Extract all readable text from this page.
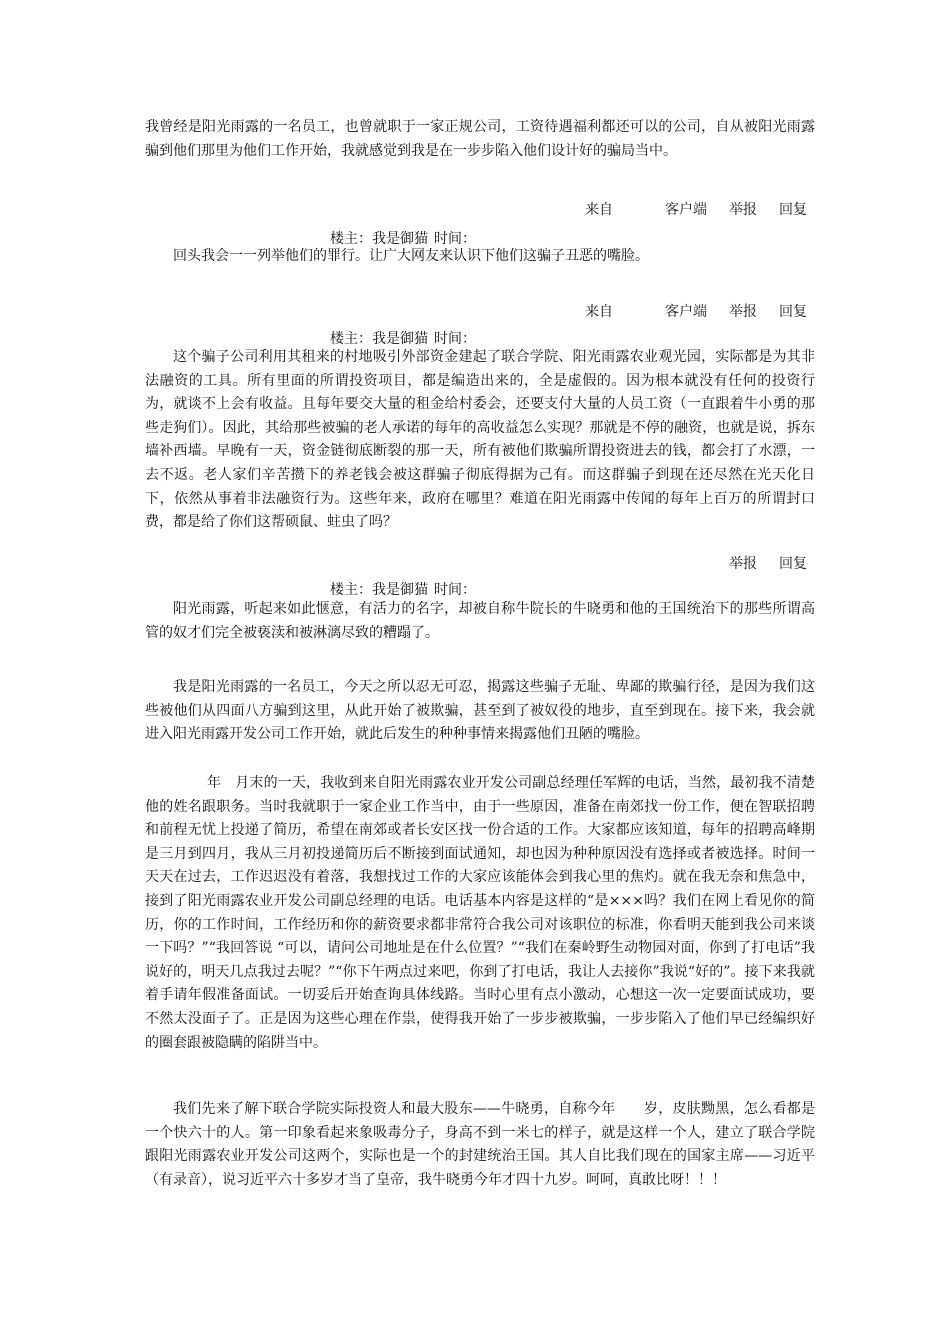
我曾经是阳光雨露的一名员工，也曾就职于一家正规公司，工资待遇福利都还可以的公司，自从被阳光雨露骗到他们那里为他们工作开始，我就感觉到我是在一步步陷入他们设计好的骗局当中。

来自	客户端 举报 回复
楼主：我是御猫 时间：

回头我会一一列举他们的罪行。让广大网友来认识下他们这骗子丑恶的嘴脸。

来自	客户端 举报 回复
楼主：我是御猫 时间：

这个骗子公司利用其租来的村地吸引外部资金建起了联合学院、阳光雨露农业观光园，实际都是为其非法融资的工具。所有里面的所谓投资项目，都是编造出来的，全是虚假的。因为根本就没有任何的投资行为，就谈不上会有收益。且每年要交大量的租金给村委会，还要支付大量的人员工资（一直跟着牛小勇的那些走狗们）。因此，其给那些被骗的老人承诺的每年的高收益怎么实现？那就是不停的融资，也就是说，拆东墙补西墙。早晚有一天，资金链彻底断裂的那一天，所有被他们欺骗所谓投资进去的钱，都会打了水漂，一去不返。老人家们辛苦攒下的养老钱会被这群骗子彻底得据为己有。而这群骗子到现在还尽然在光天化日下，依然从事着非法融资行为。这些年来，政府在哪里？难道在阳光雨露中传闻的每年上百万的所谓封口费，都是给了你们这帮硕鼠、蛀虫了吗？

举报 回复
楼主：我是御猫 时间：

阳光雨露，听起来如此惬意，有活力的名字，却被自称牛院长的牛晓勇和他的王国统治下的那些所谓高管的奴才们完全被亵渎和被淋漓尽致的糟蹋了。

我是阳光雨露的一名员工，今天之所以忍无可忍，揭露这些骗子无耻、卑鄙的欺骗行径，是因为我们这些被他们从四面八方骗到这里，从此开始了被欺骗，甚至到了被奴役的地步，直至到现在。接下来，我会就进入阳光雨露开发公司工作开始，就此后发生的种种事情来揭露他们丑陋的嘴脸。

年　月末的一天，我收到来自阳光雨露农业开发公司副总经理任军辉的电话，当然，最初我不清楚他的姓名跟职务。当时我就职于一家企业工作当中，由于一些原因，准备在南郊找一份工作，便在智联招聘和前程无忧上投递了简历，希望在南郊或者长安区找一份合适的工作。大家都应该知道，每年的招聘高峰期是三月到四月，我从三月初投递简历后不断接到面试通知，却也因为种种原因没有选择或者被选择。时间一天天在过去，工作迟迟没有着落，我想找过工作的大家应该能体会到我心里的焦灼。就在我无奈和焦急中，接到了阳光雨露农业开发公司副总经理的电话。电话基本内容是这样的“是×××吗？我们在网上看见你的简历，你的工作时间，工作经历和你的薪资要求都非常符合我公司对该职位的标准，你看明天能到我公司来谈一下吗？”“我回答说 “可以，请问公司地址是在什么位置？”“我们在秦岭野生动物园对面，你到了打电话”我说好的，明天几点我过去呢？”“你下午两点过来吧，你到了打电话，我让人去接你”我说“好的”。接下来我就着手请年假准备面试。一切妥后开始查询具体线路。当时心里有点小激动，心想这一次一定要面试成功，要不然太没面子了。正是因为这些心理在作祟，使得我开始了一步步被欺骗，一步步陷入了他们早已经编织好的圈套跟被隐瞒的陷阱当中。

我们先来了解下联合学院实际投资人和最大股东——牛晓勇，自称今年　　岁，皮肤黝黑，怎么看都是一个快六十的人。第一印象看起来象吸毒分子，身高不到一米七的样子，就是这样一个人，建立了联合学院跟阳光雨露农业开发公司这两个，实际也是一个的封建统治王国。其人自比我们现在的国家主席——习近平（有录音），说习近平六十多岁才当了皇帝，我牛晓勇今年才四十九岁。呵呵，真敢比呀！！！
